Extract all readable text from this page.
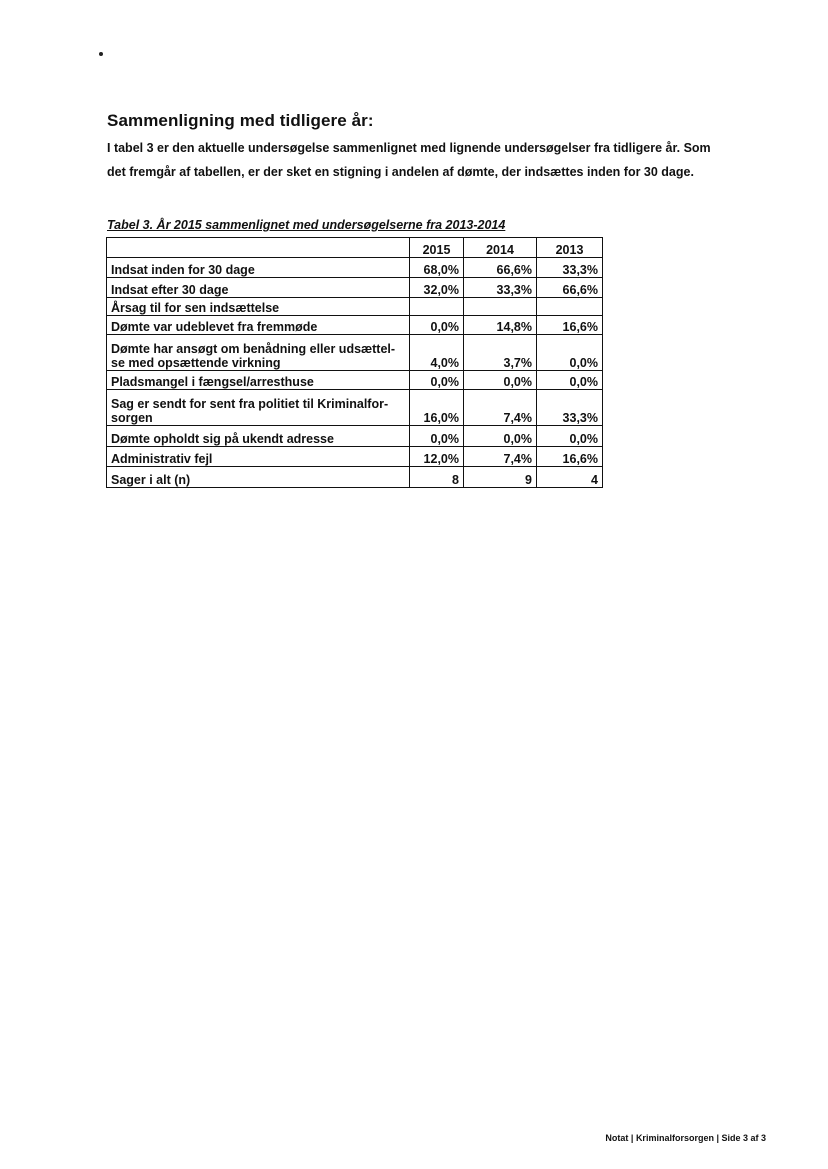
Sammenligning med tidligere år:

I tabel 3 er den aktuelle undersøgelse sammenlignet med lignende undersøgelser fra tidligere år. Som det fremgår af tabellen, er der sket en stigning i andelen af dømte, der indsættes inden for 30 dage.

Tabel 3. År 2015 sammenlignet med undersøgelserne fra 2013-2014

	2015	2014	2013
Indsat inden for 30 dage	68,0%	66,6%	33,3%
Indsat efter 30 dage	32,0%	33,3%	66,6%
Årsag til for sen indsættelse			
Dømte var udeblevet fra fremmøde	0,0%	14,8%	16,6%
Dømte har ansøgt om benådning eller udsættel-se med opsættende virkning	4,0%	3,7%	0,0%
Pladsmangel i fængsel/arresthuse	0,0%	0,0%	0,0%
Sag er sendt for sent fra politiet til Kriminalfor-sorgen	16,0%	7,4%	33,3%
Dømte opholdt sig på ukendt adresse	0,0%	0,0%	0,0%
Administrativ fejl	12,0%	7,4%	16,6%
Sager i alt (n)	8	9	4
Notat | Kriminalforsorgen | Side 3 af 3
